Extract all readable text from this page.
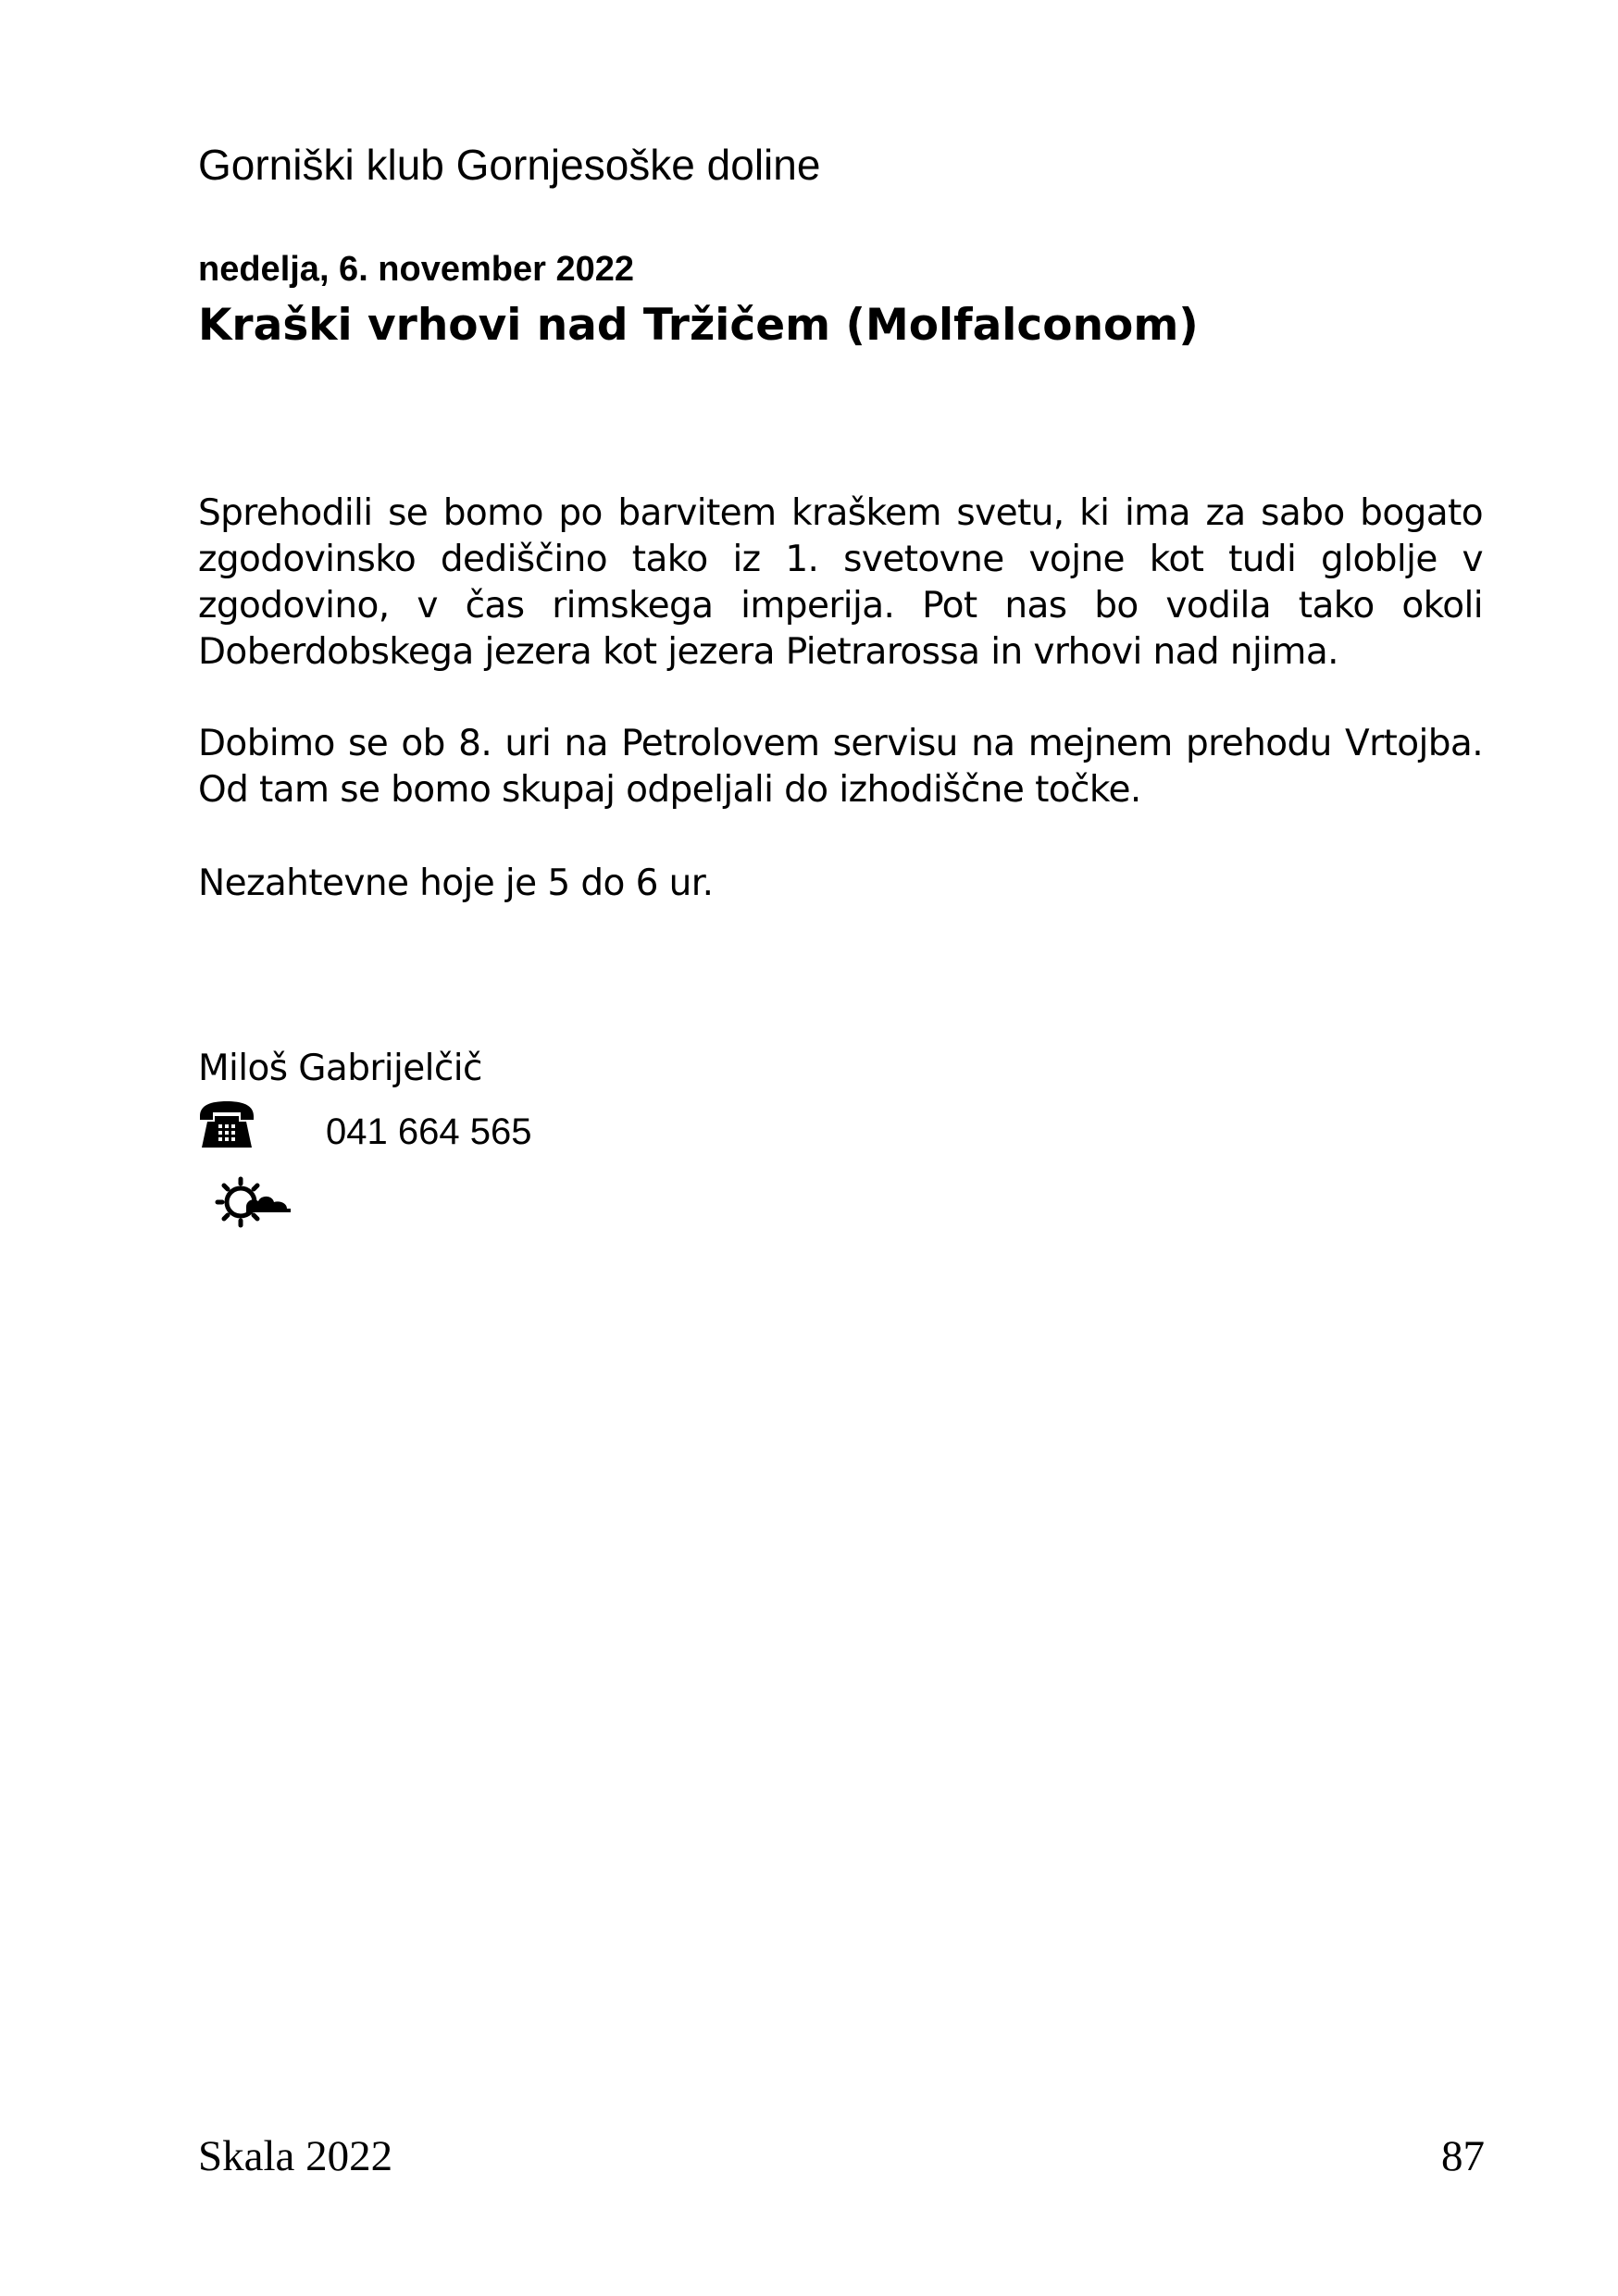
Gorniški klub Gornjesoške doline
nedelja, 6. november 2022
Kraški vrhovi nad Tržičem (Molfalconom)

Sprehodili se bomo po barvitem kraškem svetu, ki ima za sabo bogato zgodovinsko dediščino tako iz 1. svetovne vojne kot tudi globlje v zgodovino, v čas rimskega imperija. Pot nas bo vodila tako okoli Doberdobskega jezera kot jezera Pietrarossa in vrhovi nad njima.

Dobimo se ob 8. uri na Petrolovem servisu na mejnem prehodu Vrtojba. Od tam se bomo skupaj odpeljali do izhodiščne točke.

Nezahtevne hoje je 5 do 6 ur.

Miloš Gabrijelčič
041 664 565
Skala 2022	87
